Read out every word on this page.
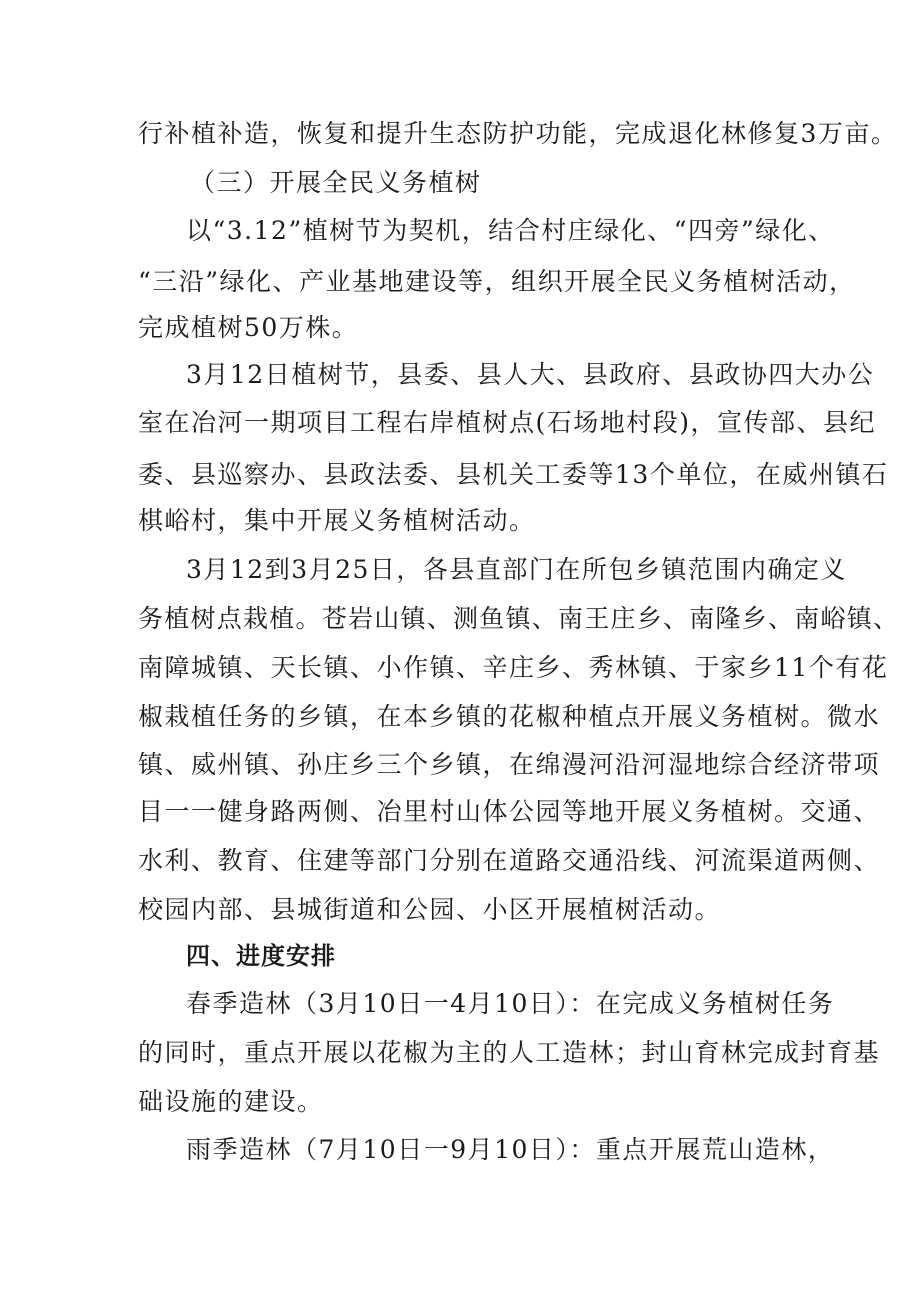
行补植补造，恢复和提升生态防护功能，完成退化林修复3万亩。
（三）开展全民义务植树
以“3.12”植树节为契机，结合村庄绿化、“四旁”绿化、
“三沿”绿化、产业基地建设等，组织开展全民义务植树活动，
完成植树50万株。
3月12日植树节，县委、县人大、县政府、县政协四大办公
室在冶河一期项目工程右岸植树点(石场地村段)，宣传部、县纪
委、县巡察办、县政法委、县机关工委等13个单位，在威州镇石
棋峪村，集中开展义务植树活动。
3月12到3月25日，各县直部门在所包乡镇范围内确定义
务植树点栽植。苍岩山镇、测鱼镇、南王庄乡、南隆乡、南峪镇、
南障城镇、天长镇、小作镇、辛庄乡、秀林镇、于家乡11个有花
椒栽植任务的乡镇，在本乡镇的花椒种植点开展义务植树。微水
镇、威州镇、孙庄乡三个乡镇，在绵漫河沿河湿地综合经济带项
目一一健身路两侧、冶里村山体公园等地开展义务植树。交通、
水利、教育、住建等部门分别在道路交通沿线、河流渠道两侧、
校园内部、县城街道和公园、小区开展植树活动。
四、进度安排
春季造林（3月10日一4月10日）：在完成义务植树任务
的同时，重点开展以花椒为主的人工造林；封山育林完成封育基
础设施的建设。
雨季造林（7月10日一9月10日）：重点开展荒山造林，
